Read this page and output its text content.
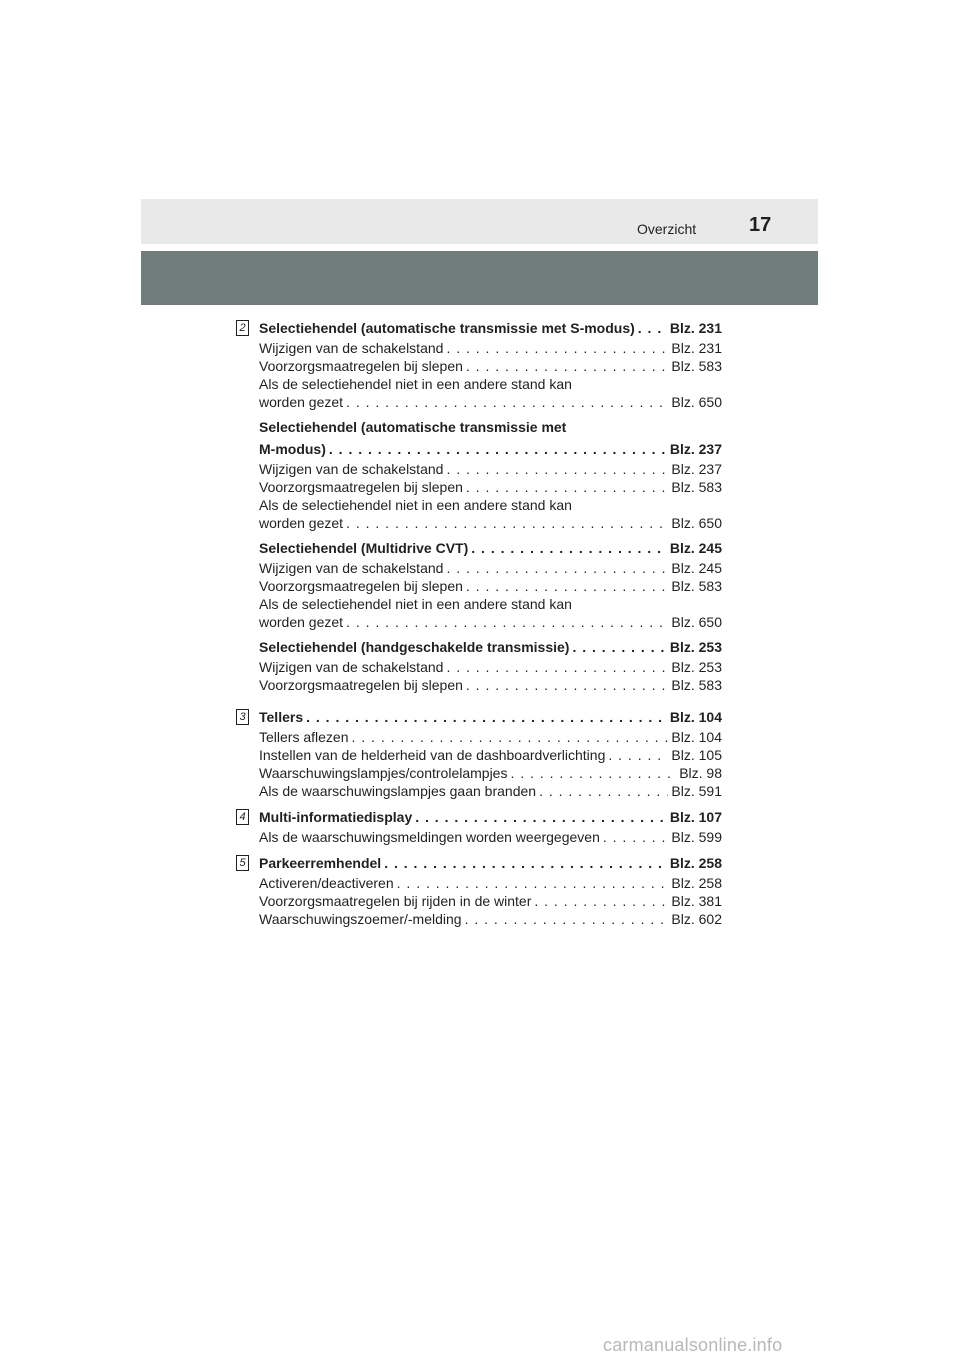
Overzicht	17
2 Selectiehendel (automatische transmissie met S-modus) . . .	Blz. 231
Wijzigen van de schakelstand . . .	Blz. 231
Voorzorgsmaatregelen bij slepen . . .	Blz. 583
Als de selectiehendel niet in een andere stand kan
worden gezet . . .	Blz. 650
Selectiehendel (automatische transmissie met
M-modus) . . .	Blz. 237
Wijzigen van de schakelstand . . .	Blz. 237
Voorzorgsmaatregelen bij slepen . . .	Blz. 583
Als de selectiehendel niet in een andere stand kan
worden gezet . . .	Blz. 650
Selectiehendel (Multidrive CVT) . . .	Blz. 245
Wijzigen van de schakelstand . . .	Blz. 245
Voorzorgsmaatregelen bij slepen . . .	Blz. 583
Als de selectiehendel niet in een andere stand kan
worden gezet . . .	Blz. 650
Selectiehendel (handgeschakelde transmissie) . . .	Blz. 253
Wijzigen van de schakelstand . . .	Blz. 253
Voorzorgsmaatregelen bij slepen . . .	Blz. 583
3 Tellers . . .	Blz. 104
Tellers aflezen . . .	Blz. 104
Instellen van de helderheid van de dashboardverlichting . . .	Blz. 105
Waarschuwingslampjes/controlelampjes . . .	Blz. 98
Als de waarschuwingslampjes gaan branden . . .	Blz. 591
4 Multi-informatiedisplay . . .	Blz. 107
Als de waarschuwingsmeldingen worden weergegeven . . .	Blz. 599
5 Parkeerremhendel . . .	Blz. 258
Activeren/deactiveren . . .	Blz. 258
Voorzorgsmaatregelen bij rijden in de winter . . .	Blz. 381
Waarschuwingszoemer/-melding . . .	Blz. 602
carmanualsonline.info
